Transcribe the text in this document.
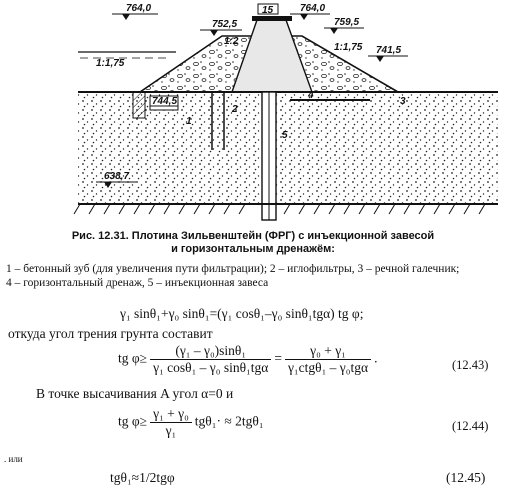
764,0
752,5
764,0
759,5
741,5
744,5
638,7
15
1:2
1:1,75
1:1,75
1
2
3
4
5
Рис. 12.31. Плотина Зильвенштейн (ФРГ) с инъекционной завесой
и горизонтальным дренажём:
1 – бетонный зуб (для увеличения пути фильтрации); 2 – иглофильтры, 3 – речной галечник;
4 – горизонтальный дренаж, 5 – инъекционная завеса
γ₁ sinθ₁+γ₀ sinθ₁=(γ₁ cosθ₁–γ₀ sinθ₁tgα) tg φ;
откуда угол трения грунта составит
tg $\varphi\ge \frac{\text{(γ₁ – γ₀)sinθ₁}}{\text{γ₁ cosθ₁ – γ₀ sinθ₁tgα}} = \frac{\text{γ₀ + γ₁}}{\text{γ₁ctgθ₁ – γ₀tgα}}$ .	(12.43)
В точке высачивания A угол α=0 и
tg $\varphi\ge \frac{\text{γ₁ + γ₀}}{\text{γ₁}} tg\theta_1\cdot \approx 2tg\theta_1$	(12.44)
. или
tgθ₁≈1/2tgφ	(12.45)
